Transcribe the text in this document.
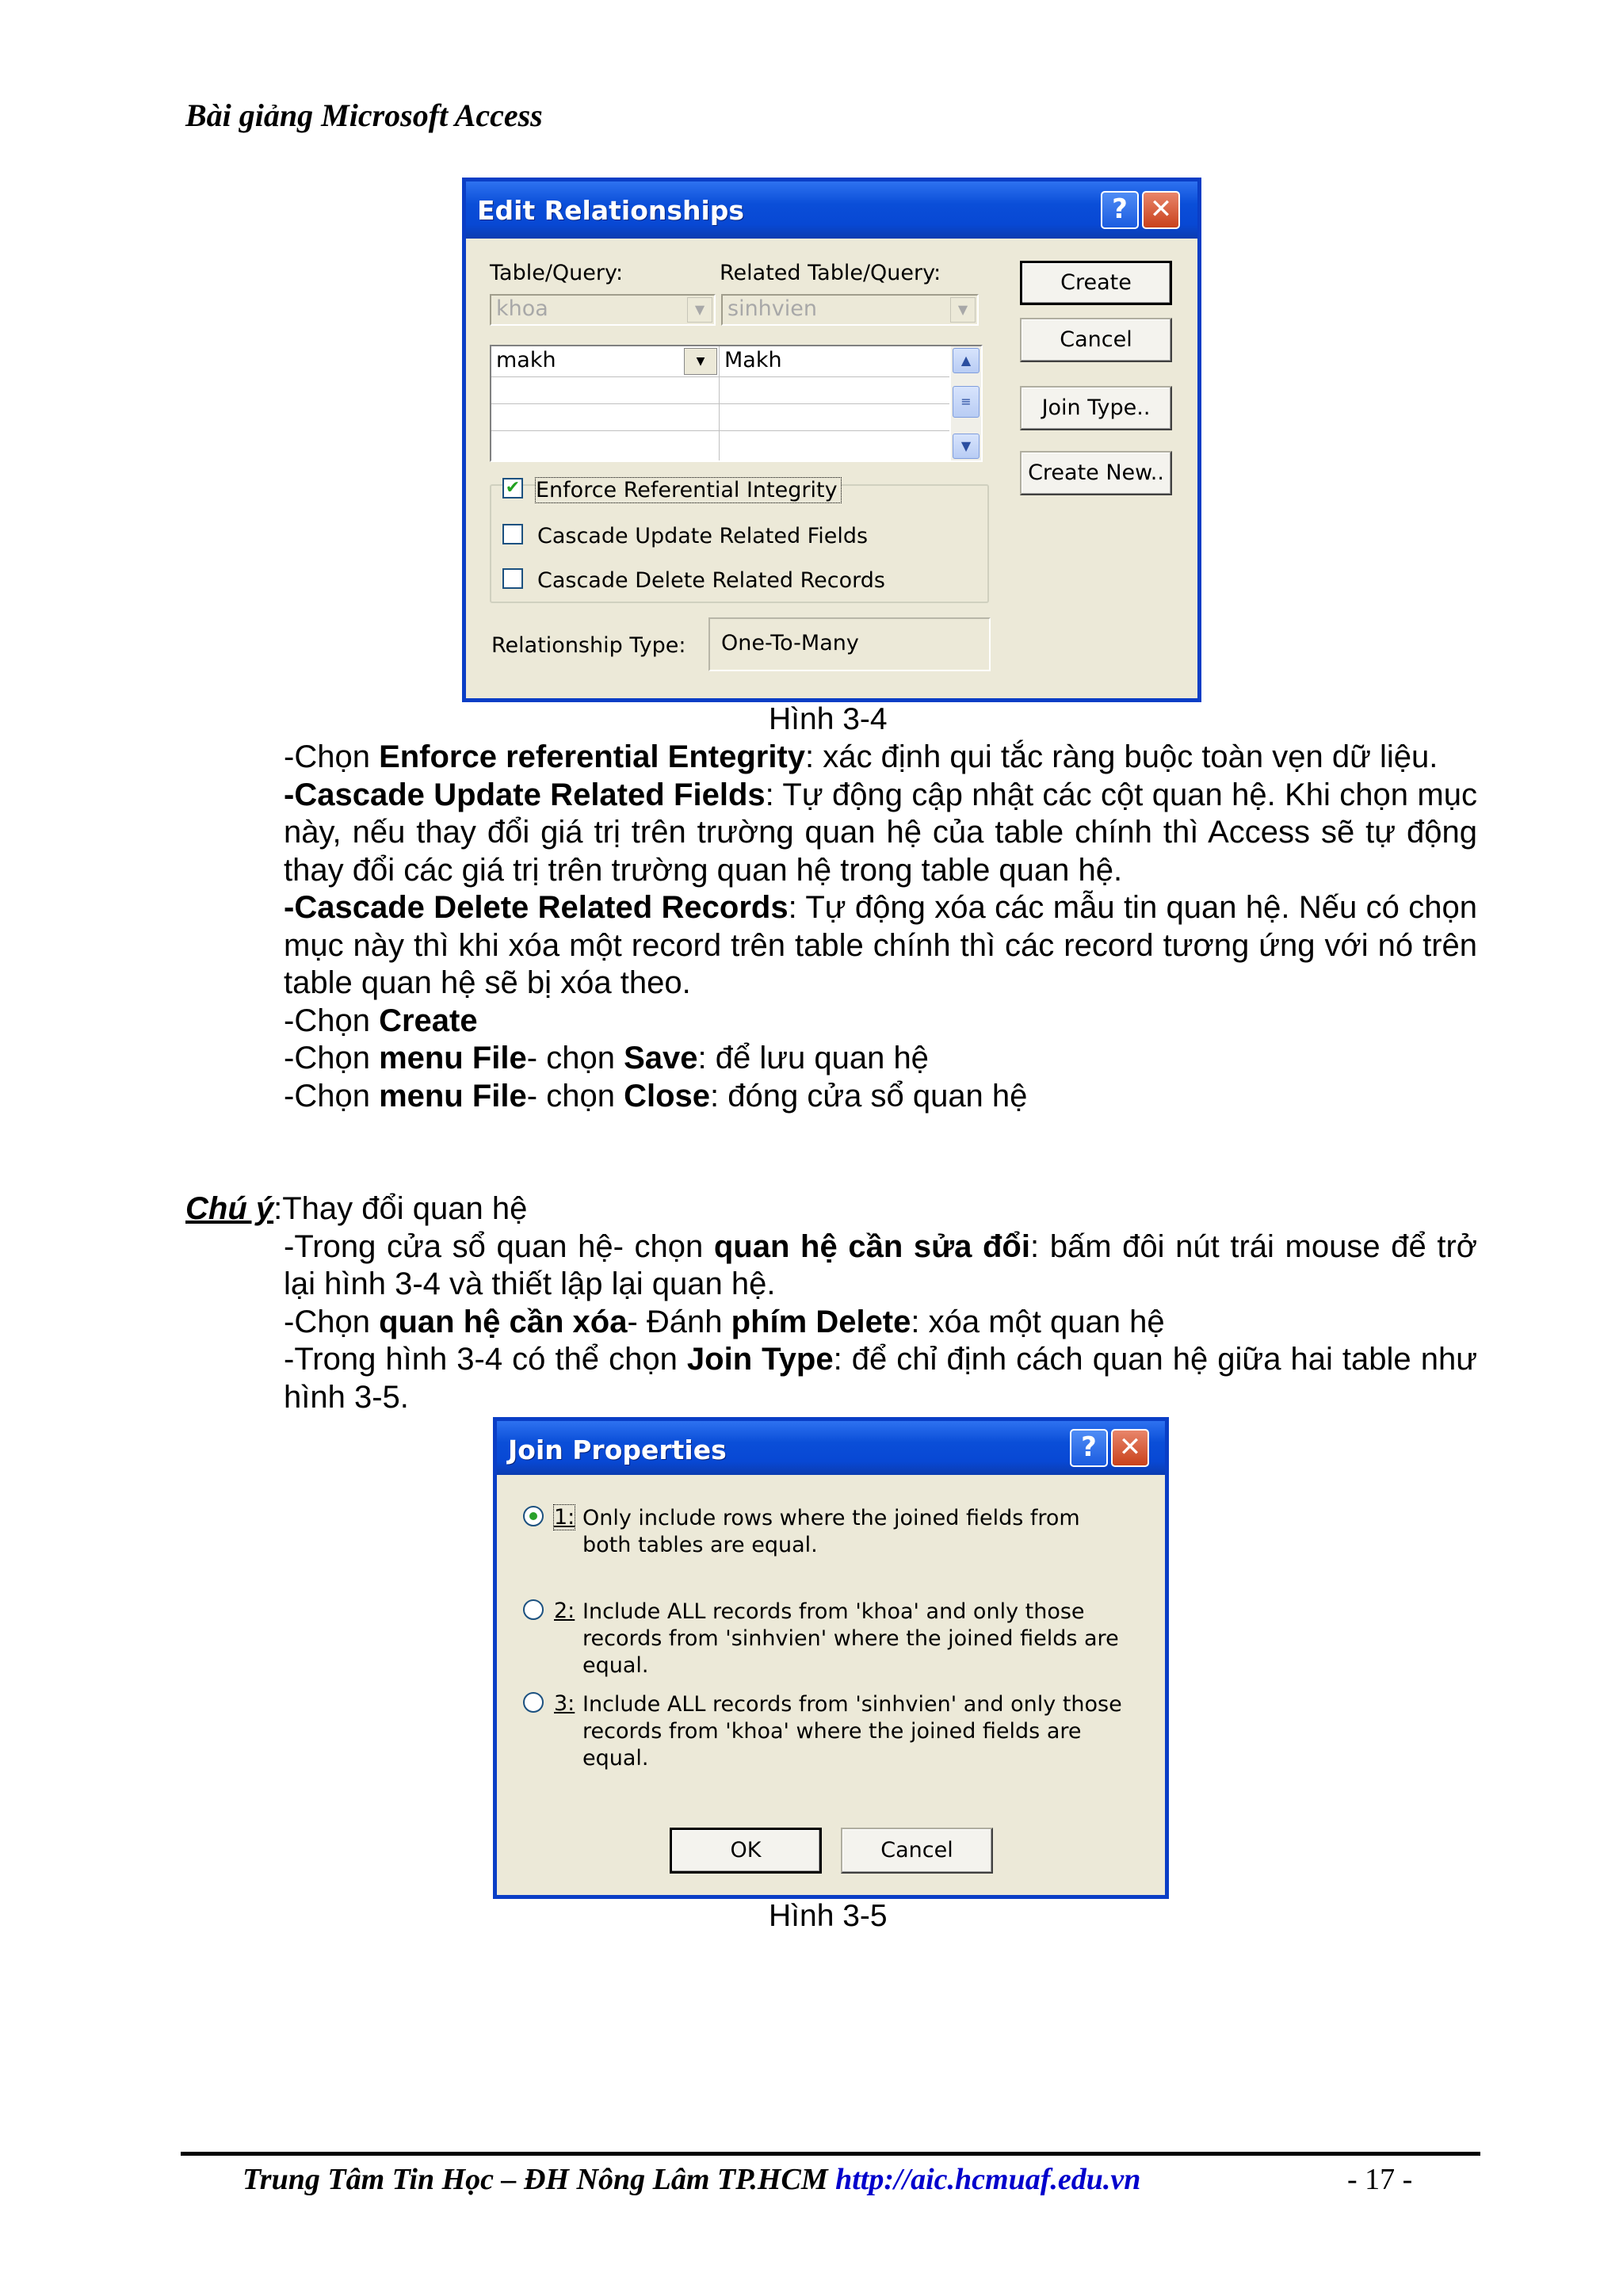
Bài giảng Microsoft Access
Edit Relationships	? ✕
Table/Query:	Related Table/Query:
khoa	▼	sinhvien	▼
makh	▼ Makh	▲
≡
▼
Create
Cancel
Join Type..
Create New..
✔ Enforce Referential Integrity
Cascade Update Related Fields
Cascade Delete Related Records
Relationship Type:	One-To-Many
Hình 3-4

-Chọn Enforce referential Entegrity: xác định qui tắc ràng buộc toàn vẹn dữ liệu.

-Cascade Update Related Fields: Tự động cập nhật các cột quan hệ. Khi chọn mục này, nếu thay đổi giá trị trên trường quan hệ của table chính thì Access sẽ tự động thay đổi các giá trị trên trường quan hệ trong table quan hệ.

-Cascade Delete Related Records: Tự động xóa các mẫu tin quan hệ. Nếu có chọn mục này thì khi xóa một record trên table chính thì các record tương ứng với nó trên table quan hệ sẽ bị xóa theo.

-Chọn Create

-Chọn menu File- chọn Save: để lưu quan hệ

-Chọn menu File- chọn Close: đóng cửa sổ quan hệ

Chú ý:Thay đổi quan hệ

-Trong cửa sổ quan hệ- chọn quan hệ cần sửa đổi: bấm đôi nút trái mouse để trở lại hình 3-4 và thiết lập lại quan hệ.

-Chọn quan hệ cần xóa- Đánh phím Delete: xóa một quan hệ

-Trong hình 3-4 có thể chọn Join Type: để chỉ định cách quan hệ giữa hai table như hình 3-5.

Join Properties	? ✕
1: Only include rows where the joined fields from both tables are equal.
2: Include ALL records from 'khoa' and only those records from 'sinhvien' where the joined fields are equal.
3: Include ALL records from 'sinhvien' and only those records from 'khoa' where the joined fields are equal.
OK	Cancel
Hình 3-5
Trung Tâm Tin Học – ĐH Nông Lâm TP.HCM http://aic.hcmuaf.edu.vn	- 17 -
